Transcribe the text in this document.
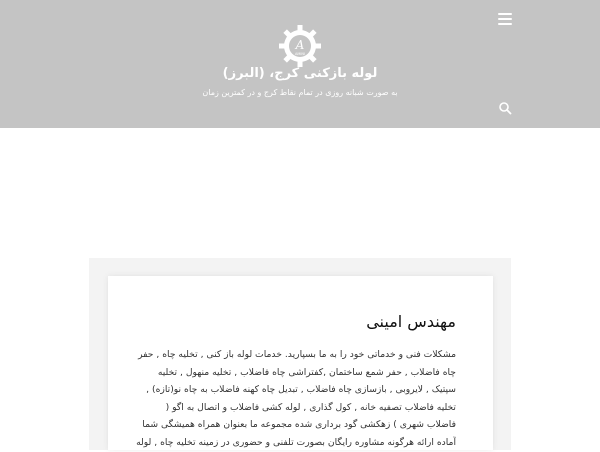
A
AMINI
لوله بازکنی کرج، (البرز)
به صورت شبانه روزی در تمام نقاط کرج و در کمترین زمان
مهندس امینی
مشکلات فنی و خدماتی خود را به ما بسپارید. خدمات لوله باز کنی , تخلیه چاه , حفر
چاه فاضلاب , حفر شمع ساختمان ,کفتراشی چاه فاضلاب , تخلیه منهول , تخلیه
سپتیک , لایروبی , بازسازی چاه فاضلاب , تبدیل چاه کهنه فاضلاب به چاه نو(تازه) ,
تخلیه فاضلاب تصفیه خانه , کول گذاری , لوله کشی فاضلاب و اتصال به اگو (
فاضلاب شهری ) زهکشی گود برداری شده مجموعه ما بعنوان همراه همیشگی شما
آماده ارائه هرگونه مشاوره رایگان بصورت تلفنی و حضوری در زمینه تخلیه چاه , لوله
